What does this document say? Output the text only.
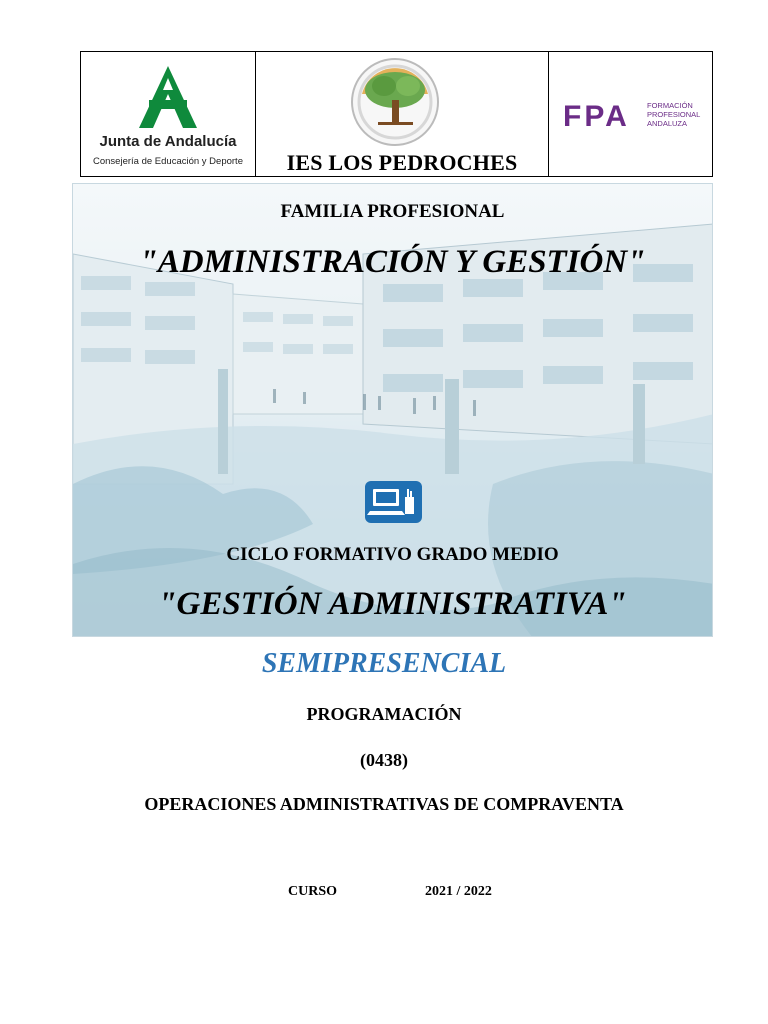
Junta de Andalucía
Consejería de Educación y Deporte	IES LOS PEDROCHES
FPA FORMACIÓN
PROFESIONAL
ANDALUZA
FAMILIA PROFESIONAL
"ADMINISTRACIÓN Y GESTIÓN"
CICLO FORMATIVO GRADO MEDIO
"GESTIÓN ADMINISTRATIVA"
SEMIPRESENCIAL
PROGRAMACIÓN
(0438)
OPERACIONES ADMINISTRATIVAS DE COMPRAVENTA
CURSO	2021 / 2022
